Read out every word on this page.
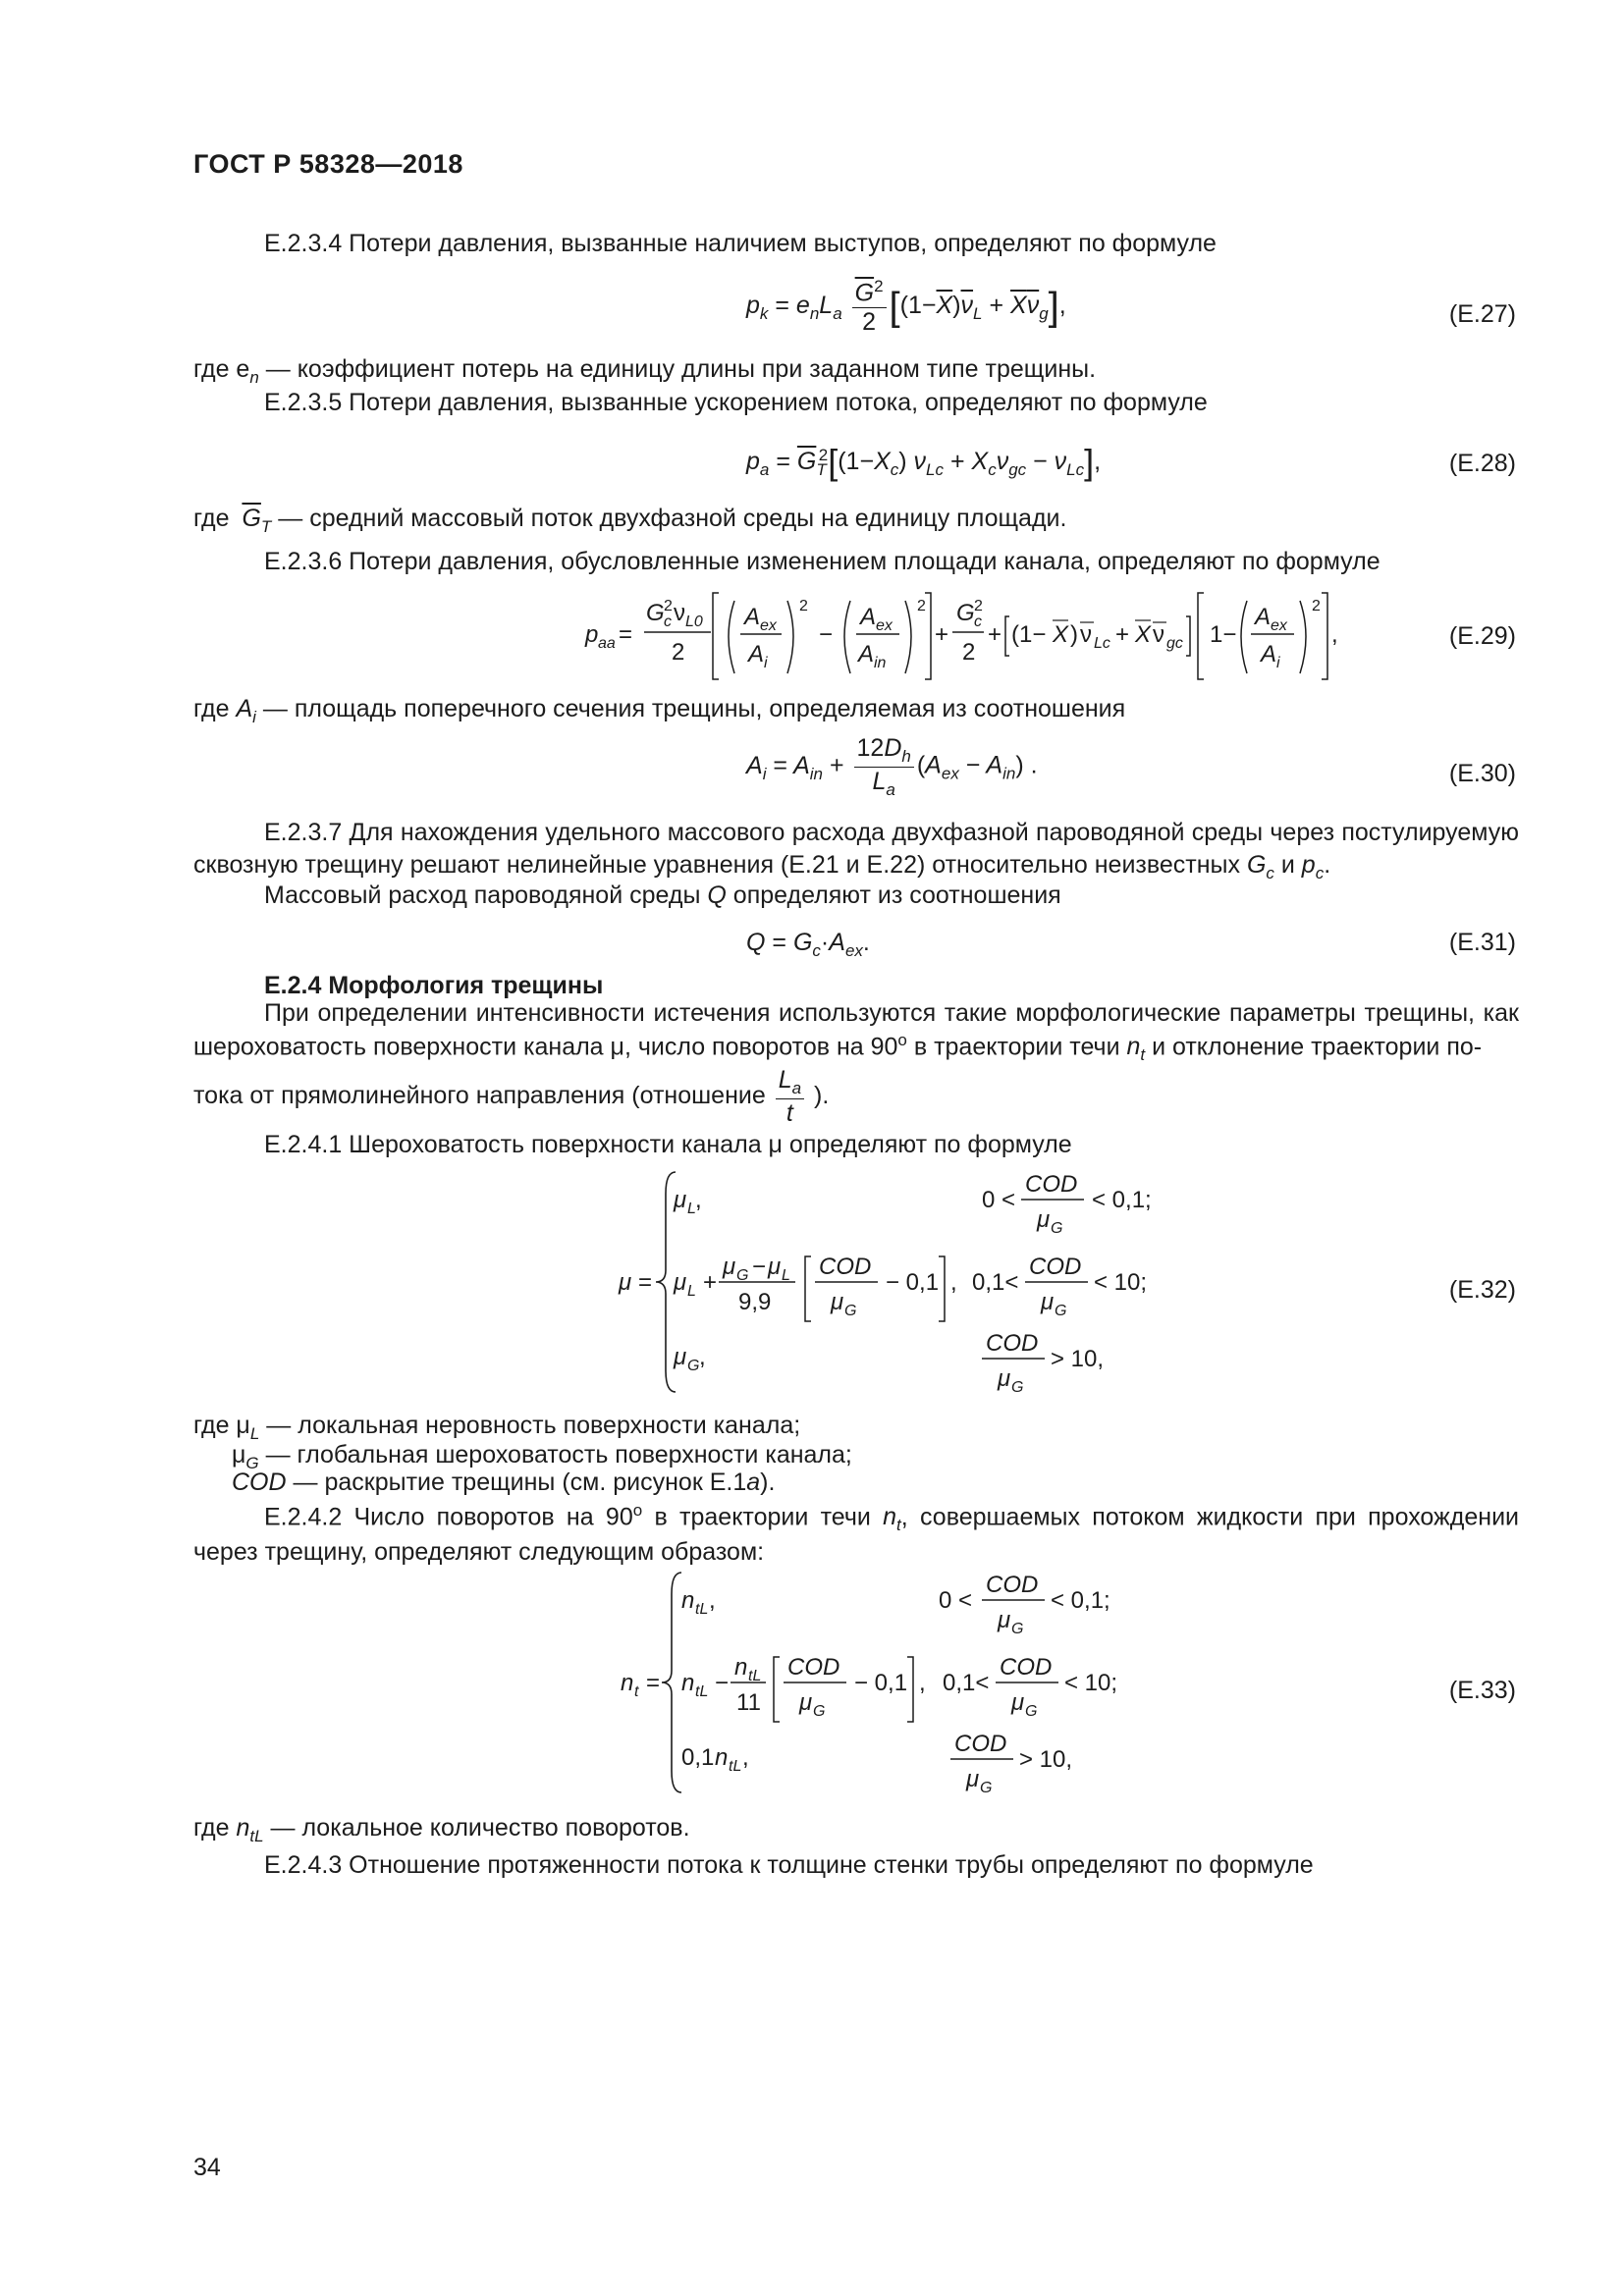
ГОСТ Р 58328—2018

Е.2.3.4 Потери давления, вызванные наличием выступов, определяют по формуле

$p_k = e_nL_a \frac{\overline{G}^2}{2} [(1-\overline{X})\overline{\nu}_L + \overline{X}\overline{\nu}_g]$,	(Е.27)

где $e_n$ — коэффициент потерь на единицу длины при заданном типе трещины.

Е.2.3.5 Потери давления, вызванные ускорением потока, определяют по формуле

$p_a = \overline{G}_T^2[(1-X_c) \nu_{Lc} + X_c\nu_{gc} - \nu_{Lc}]$,	(Е.28)

где $\overline{G}_T$ — средний массовый поток двухфазной среды на единицу площади.

Е.2.3.6 Потери давления, обусловленные изменением площади канала, определяют по формуле

p aa =
G c
2 ν L0
2
A ex
A i
2
−
A ex
A in
2
+
G c
2
2
+ (1− X ) ν Lc + X ν gc 1−
A ex
A i
2
,	(Е.29)

где $A_i$ — площадь поперечного сечения трещины, определяемая из соотношения

$A_i = A_{in} + \frac{12D_h}{L_a} (A_{ex} - A_{in})$ .	(Е.30)

Е.2.3.7 Для нахождения удельного массового расхода двухфазной пароводяной среды через постулируемую сквозную трещину решают нелинейные уравнения (Е.21 и Е.22) относительно неизвестных $G_c$ и $p_c$.

Массовый расход пароводяной среды Q определяют из соотношения

$Q = G_c\cdot A_{ex}$.	(Е.31)

Е.2.4 Морфология трещины

При определении интенсивности истечения используются такие морфологические параметры трещины, как шероховатость поверхности канала μ, число поворотов на $90^о$ в траектории течи $n_t$ и отклонение траектории по-

тока от прямолинейного направления (отношение $\frac{L_a}{t}$ ).

Е.2.4.1 Шероховатость поверхности канала μ определяют по формуле

μ =
μ L ,	0 <
COD
μ G
< 0,1;
μ L +
μ G − μ L
9,9
COD
μ G
− 0,1 , 0,1<
COD
μ G
< 10;
μ G ,
COD
μ G
> 10,
(Е.32)

где $\mu_L$ — локальная неровность поверхности канала;

$\mu_G$ — глобальная шероховатость поверхности канала;

COD — раскрытие трещины (см. рисунок Е.1а).

Е.2.4.2 Число поворотов на $90^о$ в траектории течи $n_t$, совершаемых потоком жидкости при прохождении через трещину, определяют следующим образом:

n t =
n tL ,	0 <
COD
μ G
< 0,1;
n tL −
n tL
11
COD
μ G
− 0,1 , 0,1<
COD
μ G
< 10;
0,1 n tL ,
COD
μ G
> 10,
(Е.33)

где $n_{tL}$ — локальное количество поворотов.

Е.2.4.3 Отношение протяженности потока к толщине стенки трубы определяют по формуле

34
